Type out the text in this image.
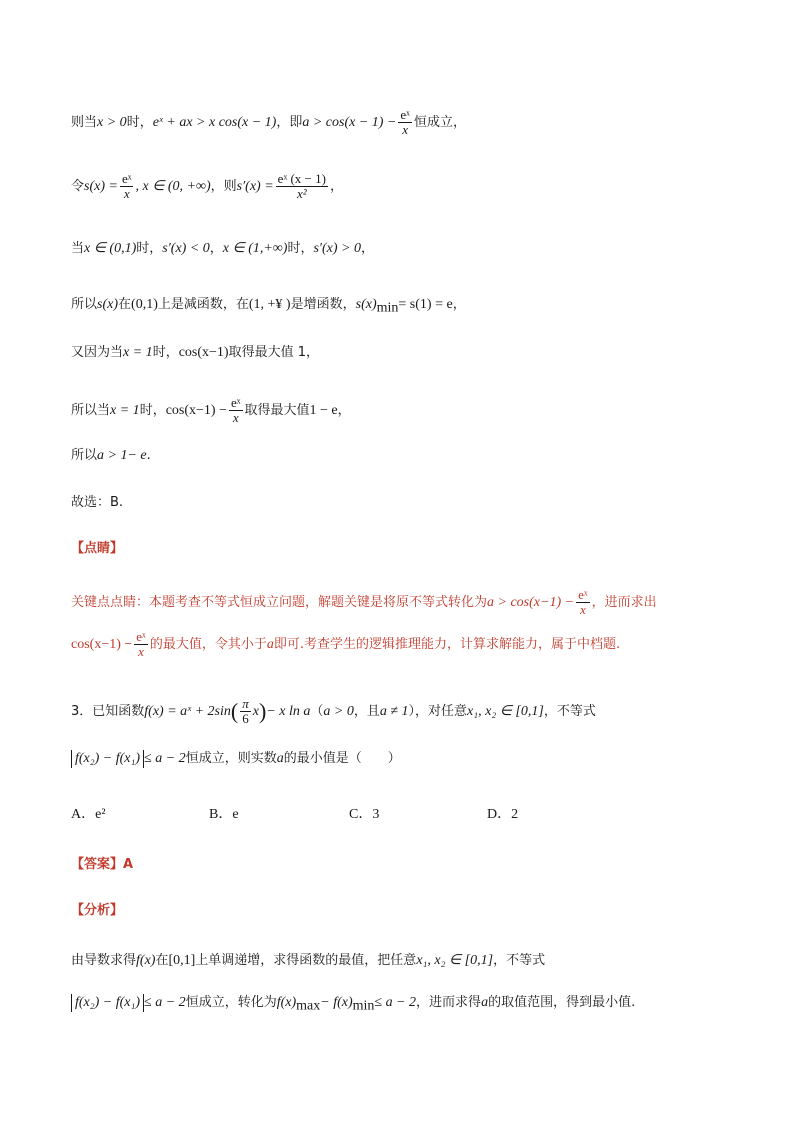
则当x > 0时，eˣ + ax > x cos(x − 1)，即$a > \cos(x - 1) - \frac{\text{eˣ}}{x}$ 恒成立，
令$s(x) = \frac{\text{eˣ}}{x}$ , x ∈ (0, +∞)，则$s'(x) = \frac{\text{eˣ (x − 1)}}{\text{x²}}$ ，
当x ∈ (0,1)时，s′(x) < 0，x ∈ (1,+∞)时，s′(x) > 0，
所以s(x)在(0,1)上是减函数，在(1, +¥ )是增函数，$s(x)_{min}= s(1) = e$，
又因为当x = 1时，cos(x−1)取得最大值 1，
所以当x = 1时，$\cos(x-1) - \frac{\text{eˣ}}{x}$ 取得最大值1 − e，
所以a > 1− e.
故选：B.
【点睛】
关键点点睛：本题考查不等式恒成立问题，解题关键是将原不等式转化为$a > \cos(x-1) - \frac{\text{eˣ}}{x}$ ，进而求出
$\cos(x-1) - \frac{\text{eˣ}}{x}$ 的最大值，令其小于a即可.考查学生的逻辑推理能力，计算求解能力，属于中档题.
3．已知函数f(x) = aˣ + $2\sin( \frac{\pi}{6} x)- x$ ln a（a > 0，且a ≠ 1），对任意x₁, x₂ ∈ [0,1]，不等式
f(x₂) − f(x₁) ≤ a − 2恒成立，则实数a的最小值是（　　）
A．e²	B．e	C．3	D．2
【答案】A
【分析】
由导数求得f(x)在[0,1]上单调递增，求得函数的最值，把任意x₁, x₂ ∈ [0,1]，不等式
f(x₂) − f(x₁) ≤ a − 2恒成立，转化为$f(x)_{max}- f(x)_{min}\le a - 2$，进而求得a的取值范围，得到最小值.
